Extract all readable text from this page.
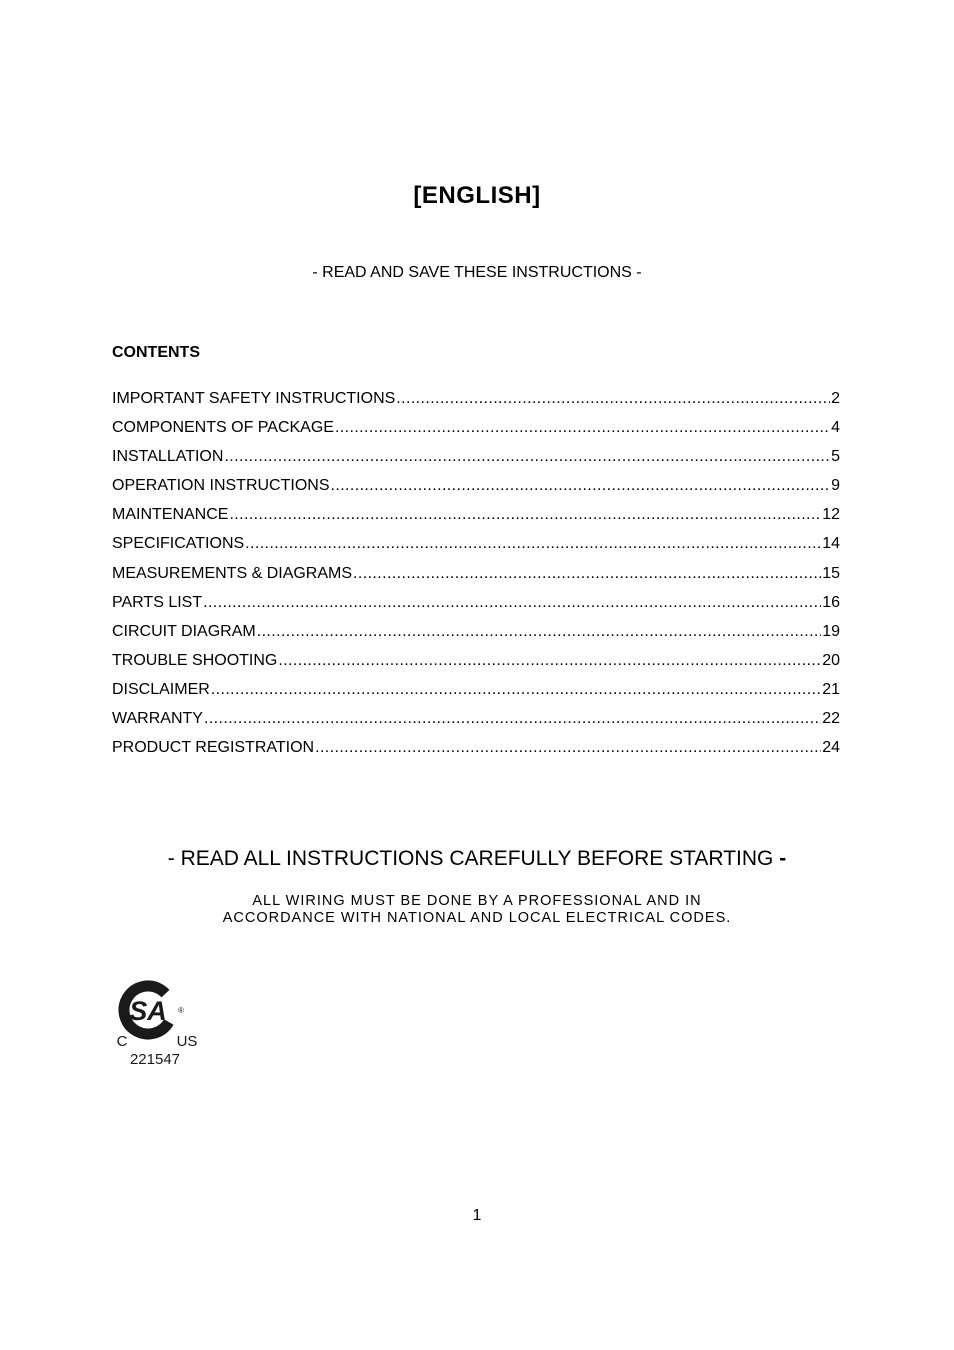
[ENGLISH]
- READ AND SAVE THESE INSTRUCTIONS -
CONTENTS
IMPORTANT SAFETY INSTRUCTIONS .....	2
COMPONENTS OF PACKAGE .....	4
INSTALLATION .....	5
OPERATION INSTRUCTIONS .....	9
MAINTENANCE .....	12
SPECIFICATIONS .....	14
MEASUREMENTS & DIAGRAMS .....	15
PARTS LIST .....	16
CIRCUIT DIAGRAM .....	19
TROUBLE SHOOTING .....	20
DISCLAIMER .....	21
WARRANTY .....	22
PRODUCT REGISTRATION .....	24
- READ ALL INSTRUCTIONS CAREFULLY BEFORE STARTING -
ALL WIRING MUST BE DONE BY A PROFESSIONAL AND IN
ACCORDANCE WITH NATIONAL AND LOCAL ELECTRICAL CODES.
SA ®
C	US
221547
1
